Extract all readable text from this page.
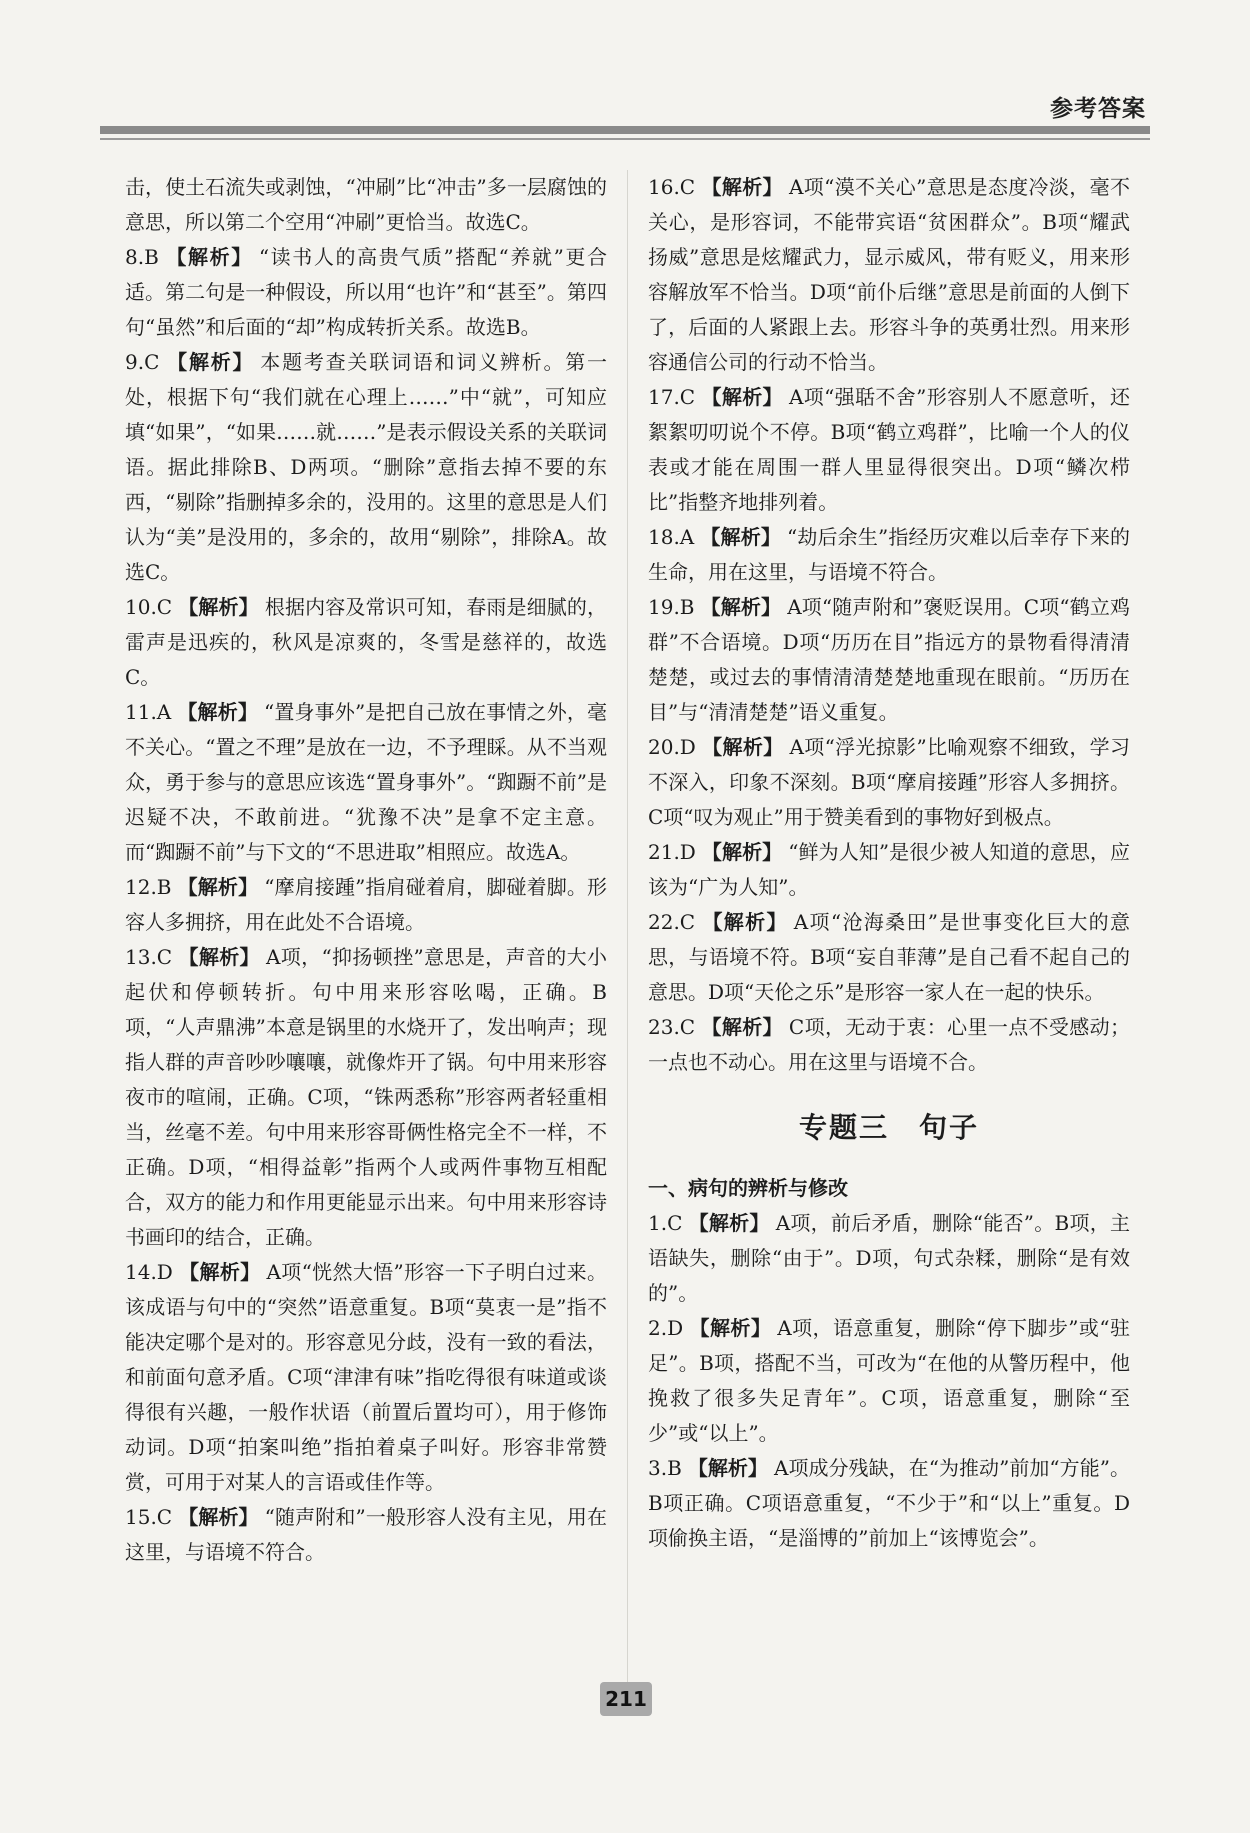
参考答案

击，使土石流失或剥蚀，“冲刷”比“冲击”多一层腐蚀的意思，所以第二个空用“冲刷”更恰当。故选C。

8.B 【解析】 “读书人的高贵气质”搭配“养就”更合适。第二句是一种假设，所以用“也许”和“甚至”。第四句“虽然”和后面的“却”构成转折关系。故选B。

9.C 【解析】 本题考查关联词语和词义辨析。第一处，根据下句“我们就在心理上……”中“就”，可知应填“如果”，“如果……就……”是表示假设关系的关联词语。据此排除B、D两项。“删除”意指去掉不要的东西，“剔除”指删掉多余的，没用的。这里的意思是人们认为“美”是没用的，多余的，故用“剔除”，排除A。故选C。

10.C 【解析】 根据内容及常识可知，春雨是细腻的，雷声是迅疾的，秋风是凉爽的，冬雪是慈祥的，故选C。

11.A 【解析】 “置身事外”是把自己放在事情之外，毫不关心。“置之不理”是放在一边，不予理睬。从不当观众，勇于参与的意思应该选“置身事外”。“踟蹰不前”是迟疑不决，不敢前进。“犹豫不决”是拿不定主意。而“踟蹰不前”与下文的“不思进取”相照应。故选A。

12.B 【解析】 “摩肩接踵”指肩碰着肩，脚碰着脚。形容人多拥挤，用在此处不合语境。

13.C 【解析】 A项，“抑扬顿挫”意思是，声音的大小起伏和停顿转折。句中用来形容吆喝，正确。B项，“人声鼎沸”本意是锅里的水烧开了，发出响声；现指人群的声音吵吵嚷嚷，就像炸开了锅。句中用来形容夜市的喧闹，正确。C项，“铢两悉称”形容两者轻重相当，丝毫不差。句中用来形容哥俩性格完全不一样，不正确。D项，“相得益彰”指两个人或两件事物互相配合，双方的能力和作用更能显示出来。句中用来形容诗书画印的结合，正确。

14.D 【解析】 A项“恍然大悟”形容一下子明白过来。该成语与句中的“突然”语意重复。B项“莫衷一是”指不能决定哪个是对的。形容意见分歧，没有一致的看法，和前面句意矛盾。C项“津津有味”指吃得很有味道或谈得很有兴趣，一般作状语（前置后置均可），用于修饰动词。D项“拍案叫绝”指拍着桌子叫好。形容非常赞赏，可用于对某人的言语或佳作等。

15.C 【解析】 “随声附和”一般形容人没有主见，用在这里，与语境不符合。

16.C 【解析】 A项“漠不关心”意思是态度冷淡，毫不关心，是形容词，不能带宾语“贫困群众”。B项“耀武扬威”意思是炫耀武力，显示威风，带有贬义，用来形容解放军不恰当。D项“前仆后继”意思是前面的人倒下了，后面的人紧跟上去。形容斗争的英勇壮烈。用来形容通信公司的行动不恰当。

17.C 【解析】 A项“强聒不舍”形容别人不愿意听，还絮絮叨叨说个不停。B项“鹤立鸡群”，比喻一个人的仪表或才能在周围一群人里显得很突出。D项“鳞次栉比”指整齐地排列着。

18.A 【解析】 “劫后余生”指经历灾难以后幸存下来的生命，用在这里，与语境不符合。

19.B 【解析】 A项“随声附和”褒贬误用。C项“鹤立鸡群”不合语境。D项“历历在目”指远方的景物看得清清楚楚，或过去的事情清清楚楚地重现在眼前。“历历在目”与“清清楚楚”语义重复。

20.D 【解析】 A项“浮光掠影”比喻观察不细致，学习不深入，印象不深刻。B项“摩肩接踵”形容人多拥挤。C项“叹为观止”用于赞美看到的事物好到极点。

21.D 【解析】 “鲜为人知”是很少被人知道的意思，应该为“广为人知”。

22.C 【解析】 A项“沧海桑田”是世事变化巨大的意思，与语境不符。B项“妄自菲薄”是自己看不起自己的意思。D项“天伦之乐”是形容一家人在一起的快乐。

23.C 【解析】 C项，无动于衷：心里一点不受感动；一点也不动心。用在这里与语境不合。

专题三　句子

一、病句的辨析与修改

1.C 【解析】 A项，前后矛盾，删除“能否”。B项，主语缺失，删除“由于”。D项，句式杂糅，删除“是有效的”。

2.D 【解析】 A项，语意重复，删除“停下脚步”或“驻足”。B项，搭配不当，可改为“在他的从警历程中，他挽救了很多失足青年”。C项，语意重复，删除“至少”或“以上”。

3.B 【解析】 A项成分残缺，在“为推动”前加“方能”。B项正确。C项语意重复，“不少于”和“以上”重复。D项偷换主语，“是淄博的”前加上“该博览会”。

211
